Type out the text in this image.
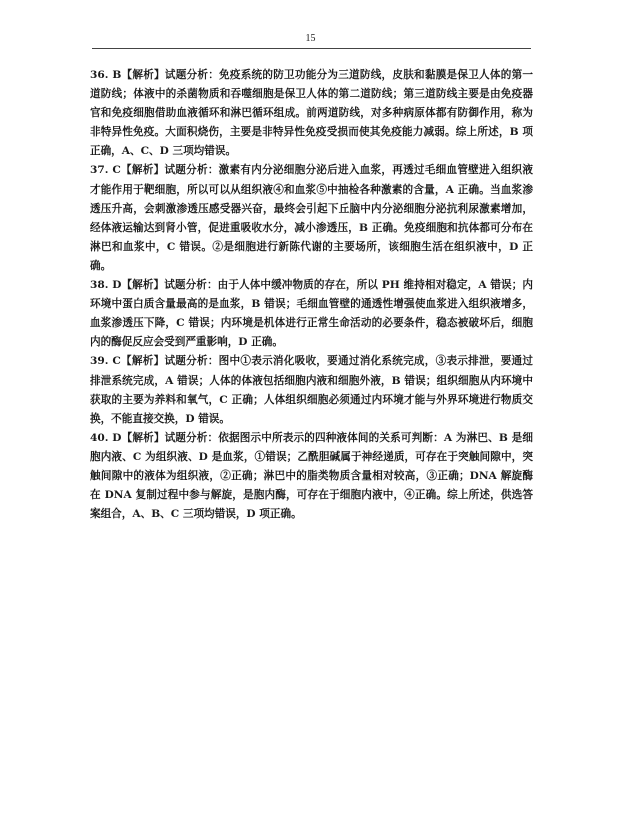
15

36. B【解析】试题分析：免疫系统的防卫功能分为三道防线，皮肤和黏膜是保卫人体的第一道防线；体液中的杀菌物质和吞噬细胞是保卫人体的第二道防线；第三道防线主要是由免疫器官和免疫细胞借助血液循环和淋巴循环组成。前两道防线，对多种病原体都有防御作用，称为非特异性免疫。大面积烧伤，主要是非特异性免疫受损而使其免疫能力减弱。综上所述，B 项正确，A、C、D 三项均错误。

37. C【解析】试题分析：激素有内分泌细胞分泌后进入血浆，再透过毛细血管壁进入组织液才能作用于靶细胞，所以可以从组织液④和血浆⑤中抽检各种激素的含量，A 正确。当血浆渗透压升高，会刺激渗透压感受器兴奋，最终会引起下丘脑中内分泌细胞分泌抗利尿激素增加，经体液运输达到肾小管，促进重吸收水分，减小渗透压，B 正确。免疫细胞和抗体都可分布在淋巴和血浆中，C 错误。②是细胞进行新陈代谢的主要场所，该细胞生活在组织液中，D 正确。

38. D【解析】试题分析：由于人体中缓冲物质的存在，所以 PH 维持相对稳定，A 错误；内环境中蛋白质含量最高的是血浆，B 错误；毛细血管壁的通透性增强使血浆进入组织液增多，血浆渗透压下降，C 错误；内环境是机体进行正常生命活动的必要条件，稳态被破坏后，细胞内的酶促反应会受到严重影响，D 正确。

39. C【解析】试题分析：图中①表示消化吸收，要通过消化系统完成，③表示排泄，要通过排泄系统完成，A 错误；人体的体液包括细胞内液和细胞外液，B 错误；组织细胞从内环境中获取的主要为养料和氧气，C 正确；人体组织细胞必须通过内环境才能与外界环境进行物质交换，不能直接交换，D 错误。

40. D【解析】试题分析：依据图示中所表示的四种液体间的关系可判断：A 为淋巴、B 是细胞内液、C 为组织液、D 是血浆，①错误；乙酰胆碱属于神经递质，可存在于突触间隙中，突触间隙中的液体为组织液，②正确；淋巴中的脂类物质含量相对较高，③正确；DNA 解旋酶在 DNA 复制过程中参与解旋，是胞内酶，可存在于细胞内液中，④正确。综上所述，供选答案组合，A、B、C 三项均错误，D 项正确。
